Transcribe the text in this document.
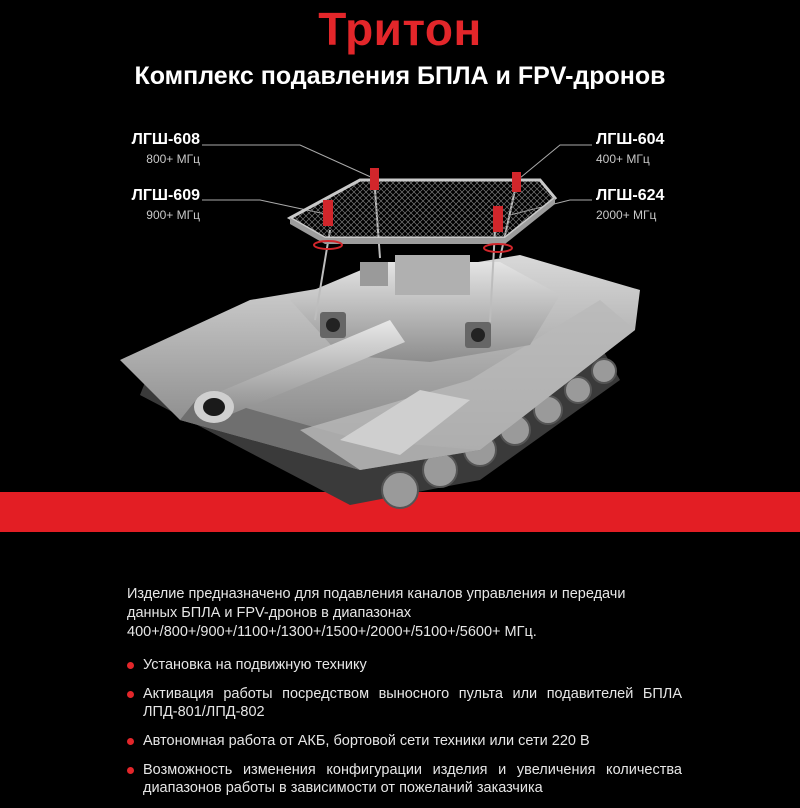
Тритон
Комплекс подавления БПЛА и FPV-дронов
ЛГШ-608
800+ МГц
ЛГШ-609
900+ МГц
ЛГШ-604
400+ МГц
ЛГШ-624
2000+ МГц
Изделие предназначено для подавления каналов управления и передачи данных БПЛА и FPV-дронов в диапазонах 400+/800+/900+/1100+/1300+/1500+/2000+/5100+/5600+ МГц.
Установка на подвижную технику
Активация работы посредством выносного пульта или подавителей БПЛА ЛПД-801/ЛПД-802
Автономная работа от АКБ, бортовой сети техники или сети 220 В
Возможность изменения конфигурации изделия и увеличения количества диапазонов работы в зависимости от пожеланий заказчика
